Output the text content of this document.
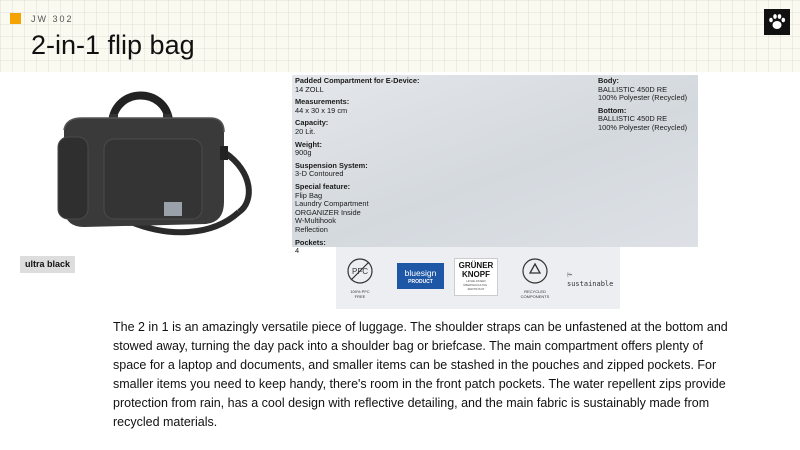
JW 302
2-in-1 flip bag
ultra black
Padded Compartment for E-Device:
14 ZOLL
Measurements:
44 x 30 x 19 cm
Capacity:
20 Lit.
Weight:
900g
Suspension System:
3-D Contoured
Special feature:
Flip Bag
Laundry Compartment
ORGANIZER Inside
W-Multihook
Reflection
Pockets:
4
Body:
BALLISTIC 450D RE
100% Polyester (Recycled)
Bottom:
BALLISTIC 450D RE
100% Polyester (Recycled)
PFC
100% PFC FREE
bluesign
PRODUCT
GRÜNER
KNOPF
HOHE FASER ÜBERWACHUNG · ZERTIFIKAT	RECYCLED COMPONENTS
⌲ sustainable

The 2 in 1 is an amazingly versatile piece of luggage. The shoulder straps can be unfastened at the bottom and stowed away, turning the day pack into a shoulder bag or briefcase. The main compartment offers plenty of space for a laptop and documents, and smaller items can be stashed in the pouches and zipped pockets. For smaller items you need to keep handy, there's room in the front patch pockets. The water repellent zips provide protection from rain, has a cool design with reflective detailing, and the main fabric is sustainably made from recycled materials.
